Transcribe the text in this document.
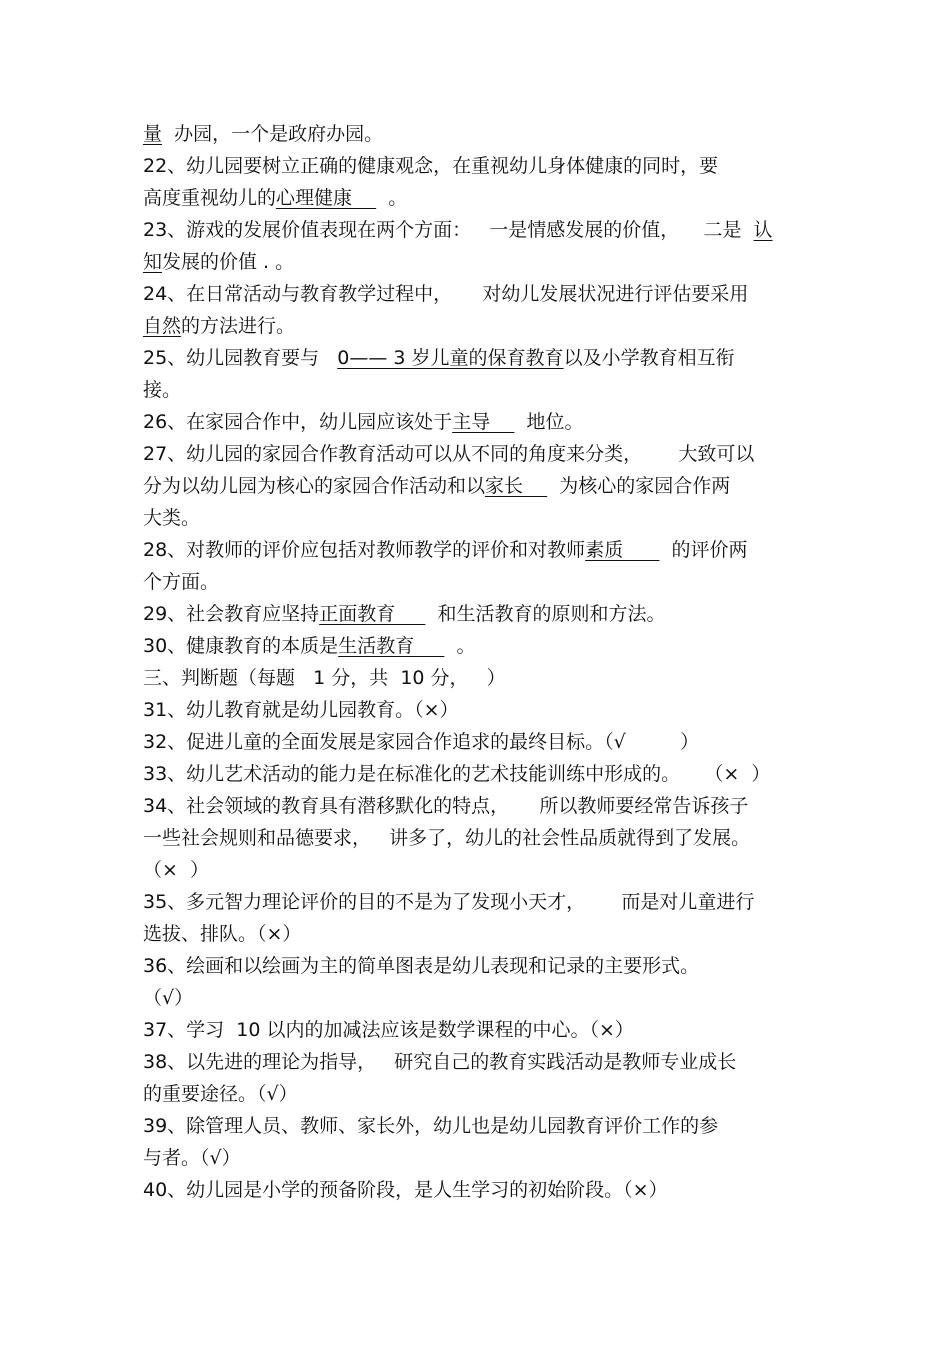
量  办园，一个是政府办园。
22、幼儿园要树立正确的健康观念，在重视幼儿身体健康的同时，要
高度重视幼儿的心理健康      。
23、游戏的发展价值表现在两个方面：   一是情感发展的价值，    二是  认
知发展的价值 . 。
24、在日常活动与教育教学过程中，     对幼儿发展状况进行评估要采用
自然的方法进行。
25、幼儿园教育要与   0—— 3 岁儿童的保育教育以及小学教育相互衔
接。
26、在家园合作中，幼儿园应该处于主导      地位。
27、幼儿园的家园合作教育活动可以从不同的角度来分类，      大致可以
分为以幼儿园为核心的家园合作活动和以家长      为核心的家园合作两
大类。
28、对教师的评价应包括对教师教学的评价和对教师素质        的评价两
个方面。
29、社会教育应坚持正面教育       和生活教育的原则和方法。
30、健康教育的本质是生活教育       。
三、判断题（每题   1 分，共  10 分，   ）
31、幼儿教育就是幼儿园教育。（×）
32、促进儿童的全面发展是家园合作追求的最终目标。（√         ）
33、幼儿艺术活动的能力是在标准化的艺术技能训练中形成的。    （×  ）
34、社会领域的教育具有潜移默化的特点，     所以教师要经常告诉孩子
一些社会规则和品德要求，   讲多了，幼儿的社会性品质就得到了发展。
（×  ）
35、多元智力理论评价的目的不是为了发现小天才，      而是对儿童进行
选拔、排队。（×）
36、绘画和以绘画为主的简单图表是幼儿表现和记录的主要形式。
（√）
37、学习  10 以内的加减法应该是数学课程的中心。（×）
38、以先进的理论为指导，   研究自己的教育实践活动是教师专业成长
的重要途径。（√）
39、除管理人员、教师、家长外，幼儿也是幼儿园教育评价工作的参
与者。（√）
40、幼儿园是小学的预备阶段，是人生学习的初始阶段。（×）
